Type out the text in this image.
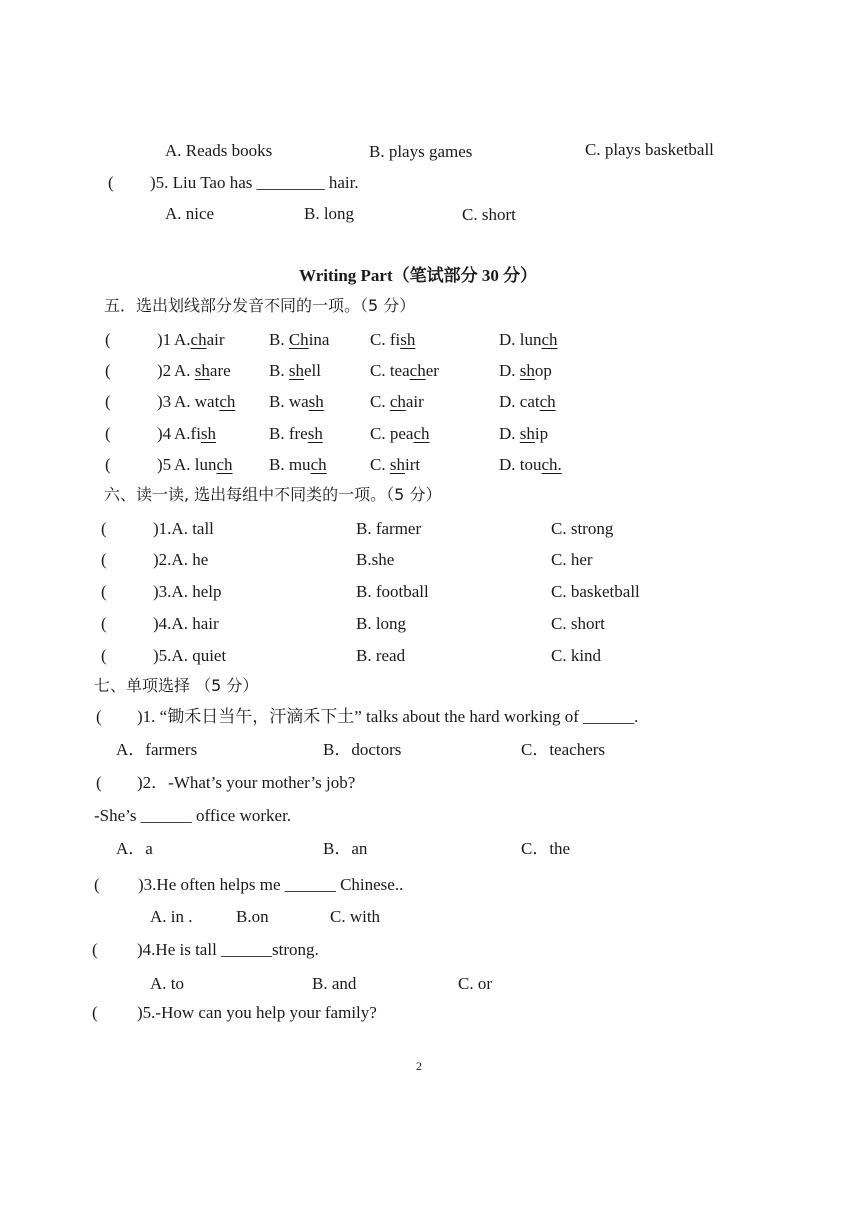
A. Reads books	B. plays games	C. plays basketball
( )5. Liu Tao has ________ hair.
A. nice	B. long	C. short
Writing Part（笔试部分 30 分）
五．选出划线部分发音不同的一项。（5 分）
(	)1 A.chair	B. China C. fish	D. lunch
(	)2 A. share B. shell	C. teacher	D. shop
(	)3 A. watch B. wash	C. chair	D. catch
(	)4 A.fish	B. fresh	C. peach	D. ship
(	)5 A. lunch B. much	C. shirt	D. touch.
六、读一读, 选出每组中不同类的一项。（5 分）
(	)1.A. tall	B. farmer	C. strong
(	)2.A. he	B.she	C. her
(	)3.A. help	B. football	C. basketball
(	)4.A. hair	B. long	C. short
(	)5.A. quiet	B. read	C. kind
七、单项选择 （5 分）
( )1. “锄禾日当午，汗滴禾下土” talks about the hard working of ______.
A．farmers	B．doctors	C．teachers
( )2．-What’s your mother’s job?
-She’s ______ office worker.
A．a	B．an	C．the
( )3.He often helps me ______ Chinese..
A. in .	B.on	C. with
( )4.He is tall ______strong.
A. to	B. and	C. or
( )5.-How can you help your family?
2
